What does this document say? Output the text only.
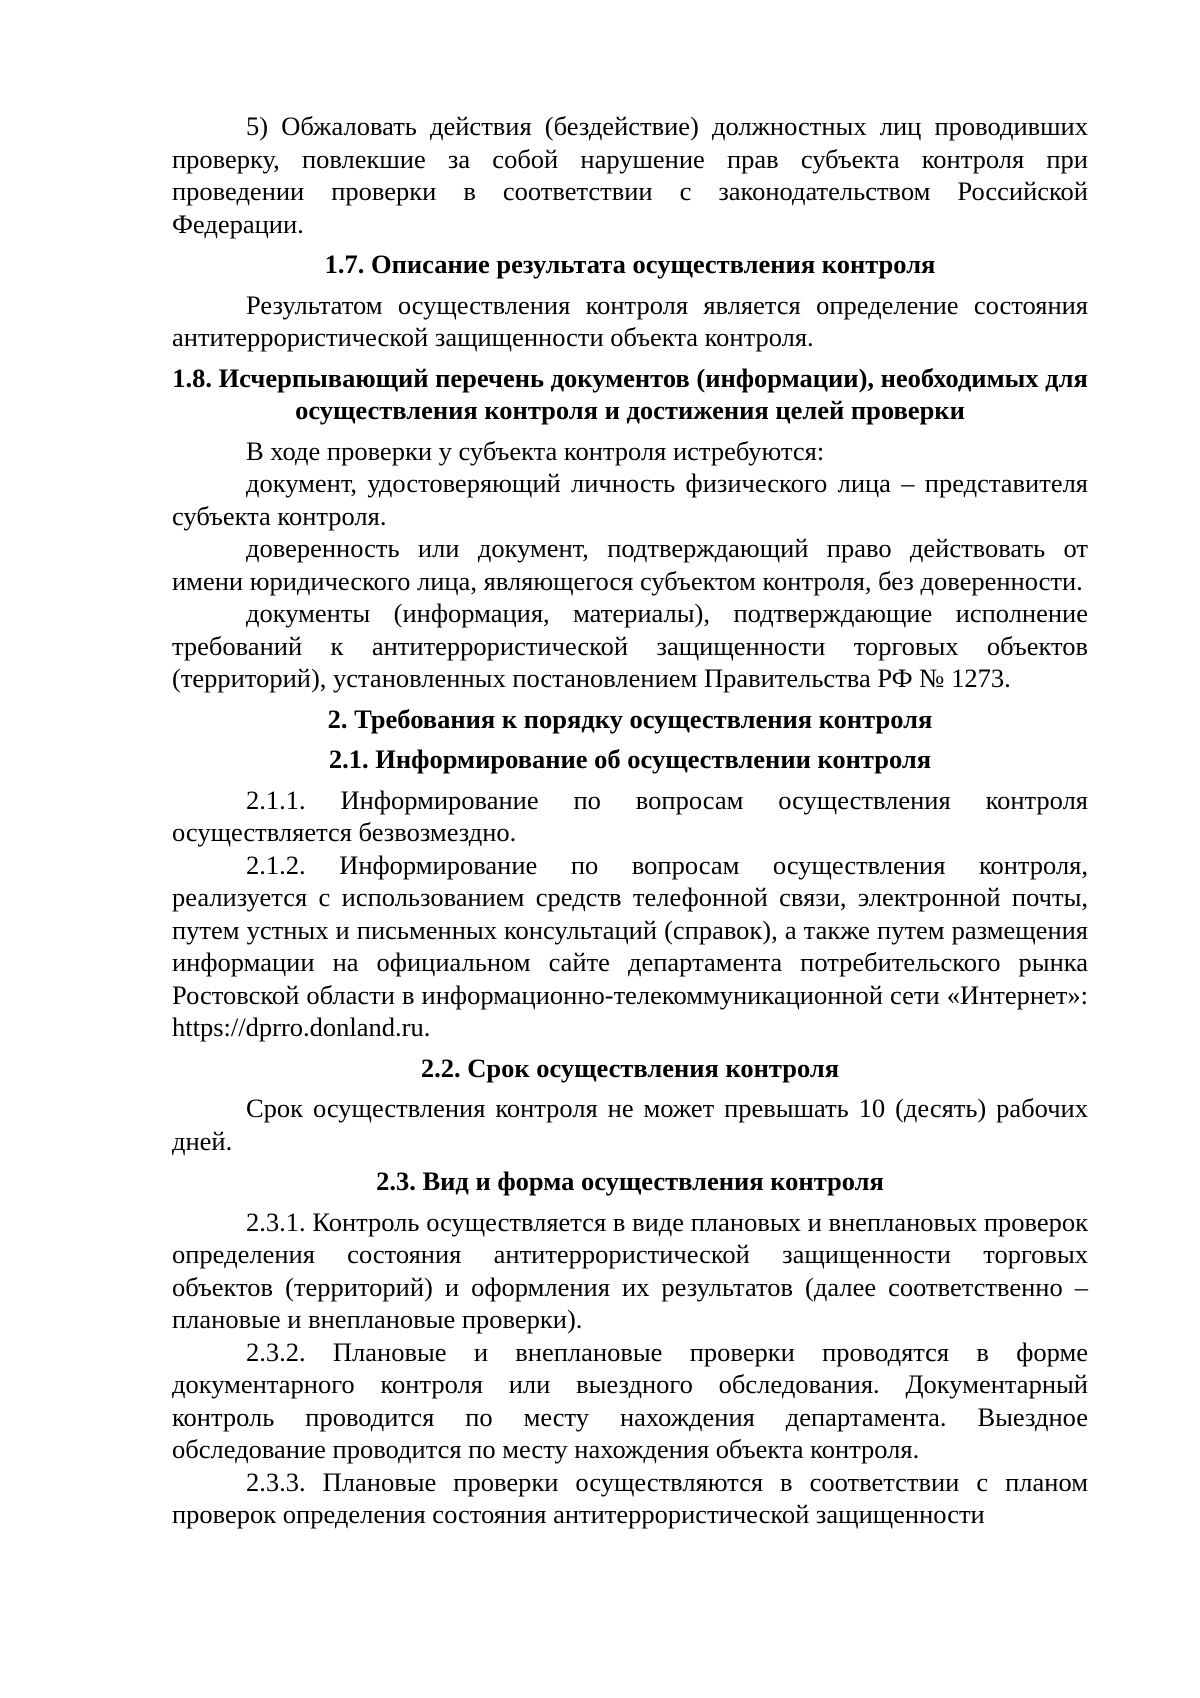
5) Обжаловать действия (бездействие) должностных лиц проводивших проверку, повлекшие за собой нарушение прав субъекта контроля при проведении проверки в соответствии с законодательством Российской Федерации.

1.7. Описание результата осуществления контроля

Результатом осуществления контроля является определение состояния антитеррористической защищенности объекта контроля.

1.8. Исчерпывающий перечень документов (информации), необходимых для осуществления контроля и достижения целей проверки

В ходе проверки у субъекта контроля истребуются:

документ, удостоверяющий личность физического лица – представителя субъекта контроля.

доверенность или документ, подтверждающий право действовать от имени юридического лица, являющегося субъектом контроля, без доверенности.

документы (информация, материалы), подтверждающие исполнение требований к антитеррористической защищенности торговых объектов (территорий), установленных постановлением Правительства РФ № 1273.

2. Требования к порядку осуществления контроля

2.1. Информирование об осуществлении контроля

2.1.1. Информирование по вопросам осуществления контроля осуществляется безвозмездно.

2.1.2. Информирование по вопросам осуществления контроля, реализуется с использованием средств телефонной связи, электронной почты, путем устных и письменных консультаций (справок), а также путем размещения информации на официальном сайте департамента потребительского рынка Ростовской области в информационно-телекоммуникационной сети «Интернет»: https://dprro.donland.ru.

2.2. Срок осуществления контроля

Срок осуществления контроля не может превышать 10 (десять) рабочих дней.

2.3. Вид и форма осуществления контроля

2.3.1. Контроль осуществляется в виде плановых и внеплановых проверок определения состояния антитеррористической защищенности торговых объектов (территорий) и оформления их результатов (далее соответственно – плановые и внеплановые проверки).

2.3.2. Плановые и внеплановые проверки проводятся в форме документарного контроля или выездного обследования. Документарный контроль проводится по месту нахождения департамента. Выездное обследование проводится по месту нахождения объекта контроля.

2.3.3. Плановые проверки осуществляются в соответствии с планом проверок определения состояния антитеррористической защищенности
